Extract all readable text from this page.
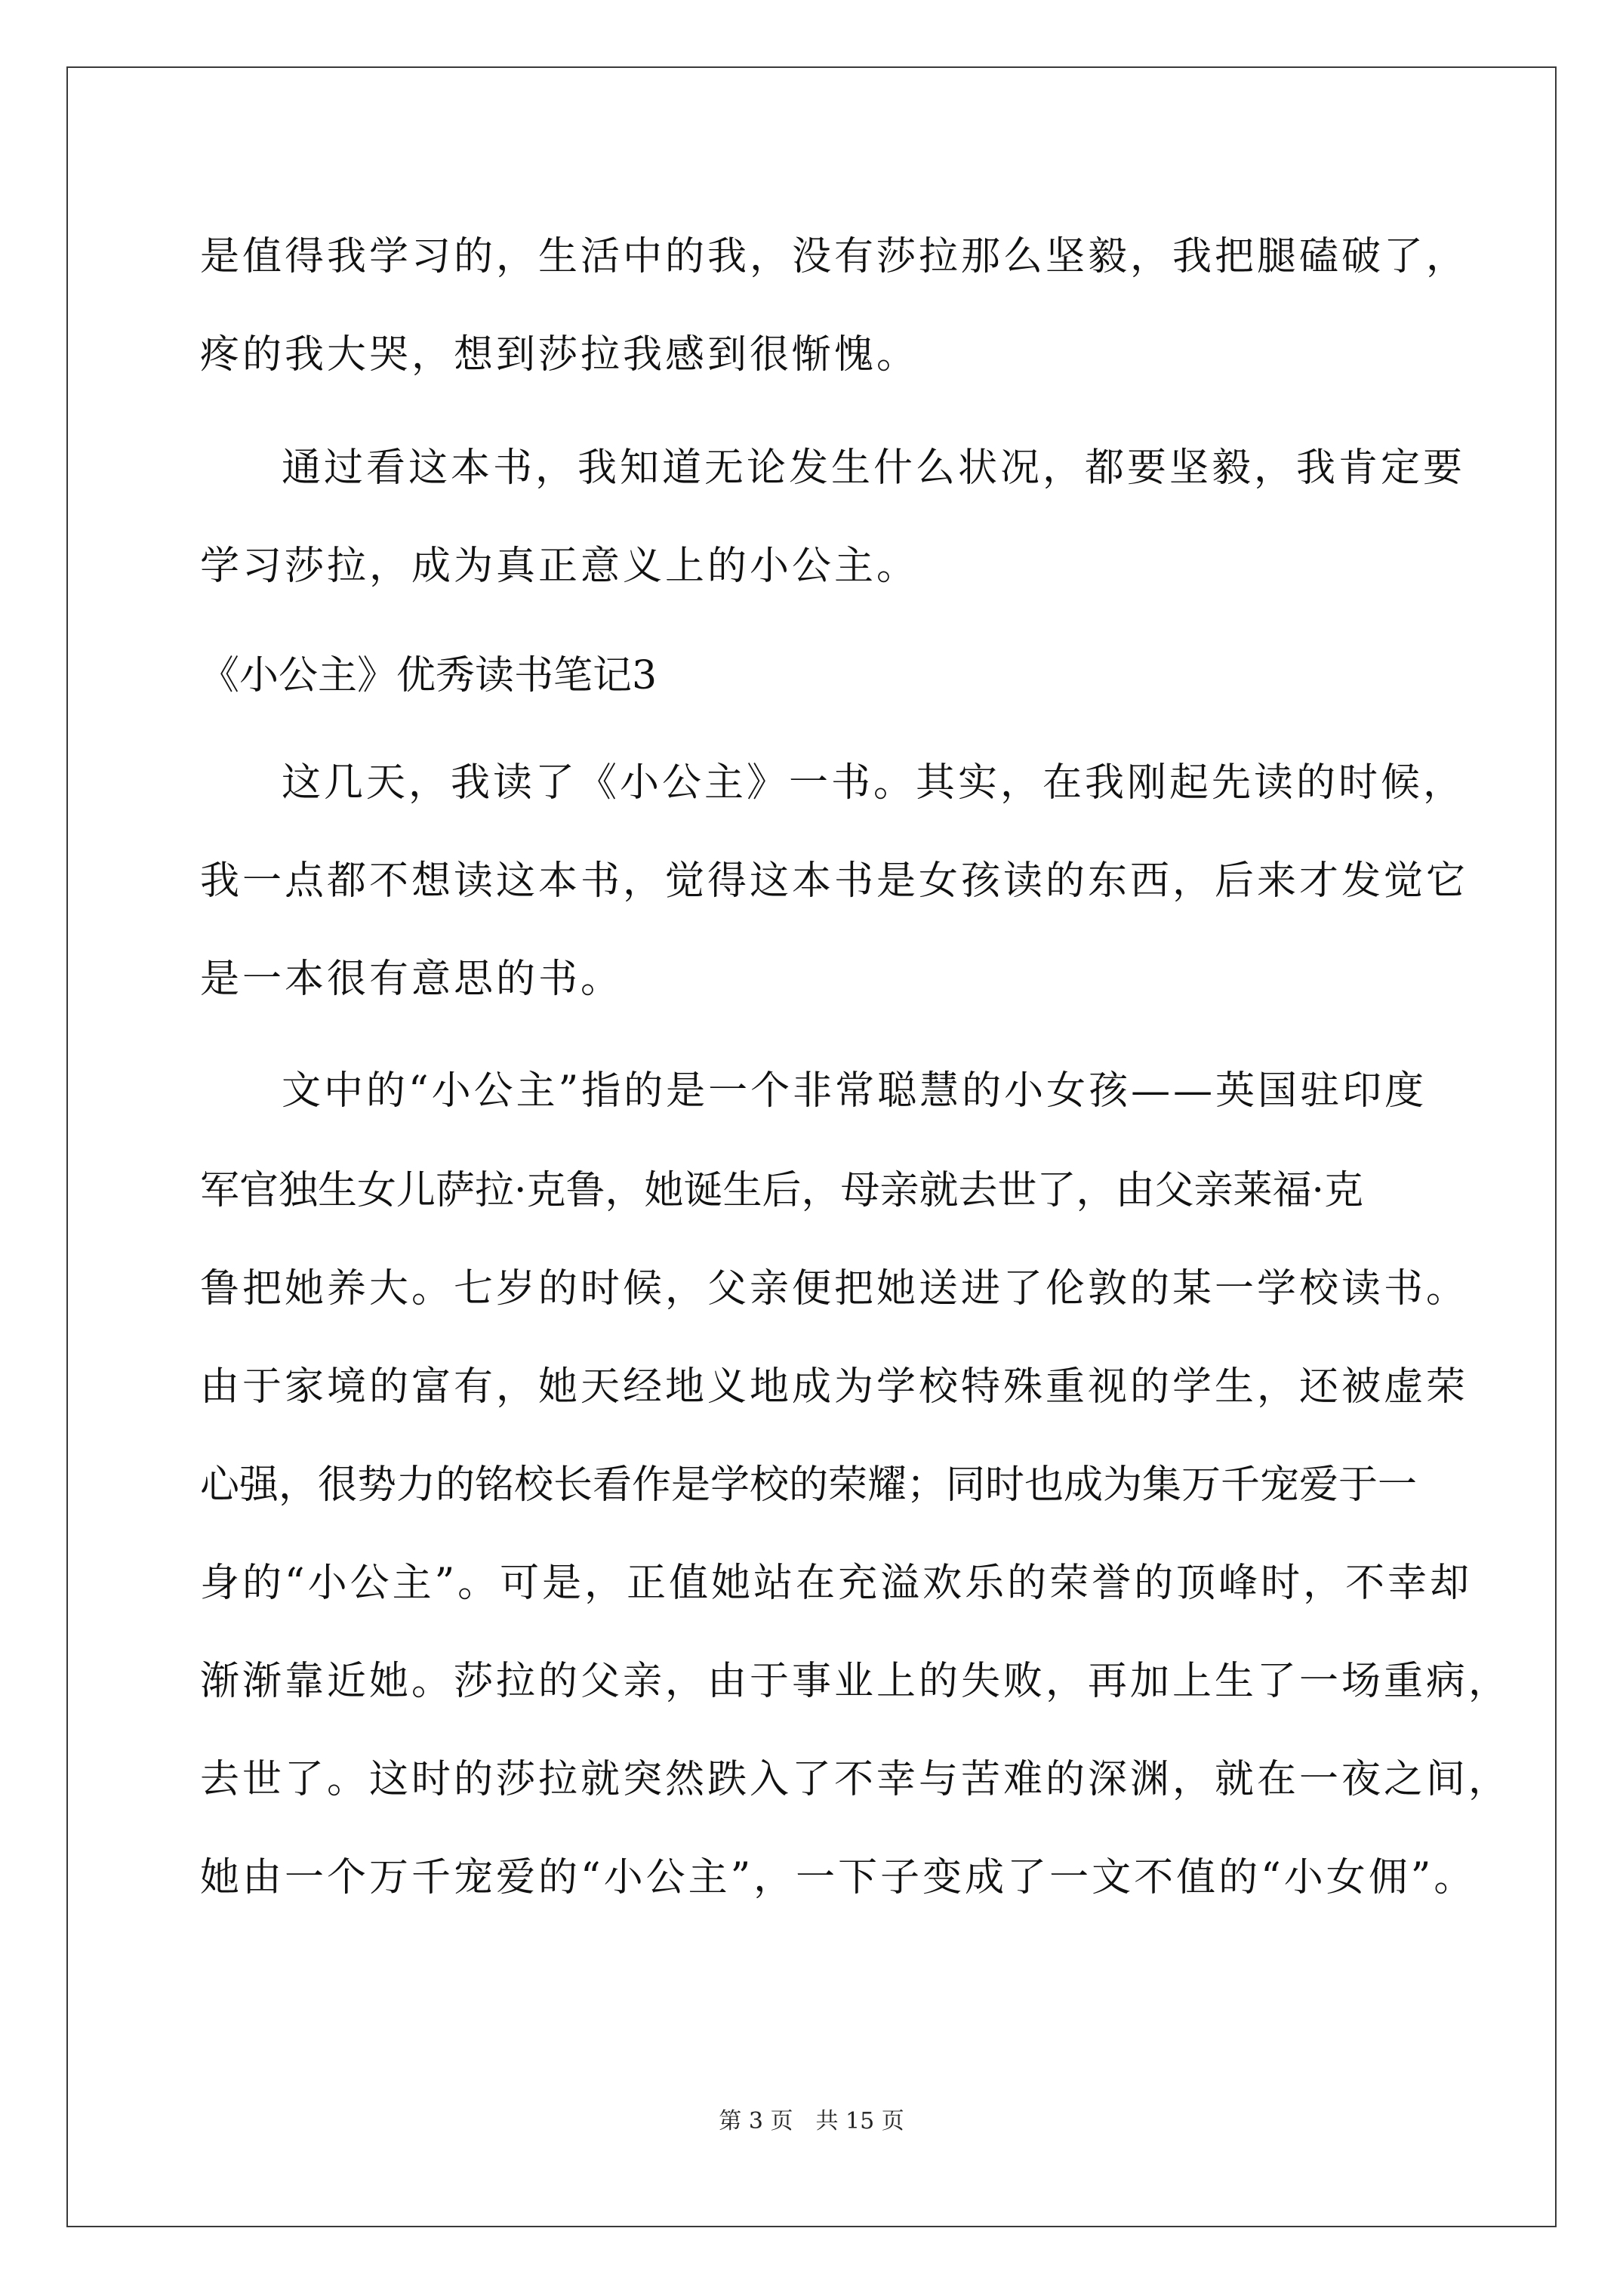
是值得我学习的，生活中的我，没有莎拉那么坚毅，我把腿磕破了，
疼的我大哭，想到莎拉我感到很惭愧。
通过看这本书，我知道无论发生什么状况，都要坚毅，我肯定要
学习莎拉，成为真正意义上的小公主。
《小公主》优秀读书笔记3
这几天，我读了《小公主》一书。其实，在我刚起先读的时候，
我一点都不想读这本书，觉得这本书是女孩读的东西，后来才发觉它
是一本很有意思的书。
文中的“小公主”指的是一个非常聪慧的小女孩——英国驻印度
军官独生女儿萨拉·克鲁，她诞生后，母亲就去世了，由父亲莱福·克
鲁把她养大。七岁的时候，父亲便把她送进了伦敦的某一学校读书。
由于家境的富有，她天经地义地成为学校特殊重视的学生，还被虚荣
心强，很势力的铭校长看作是学校的荣耀；同时也成为集万千宠爱于一
身的“小公主”。可是，正值她站在充溢欢乐的荣誉的顶峰时，不幸却
渐渐靠近她。莎拉的父亲，由于事业上的失败，再加上生了一场重病，
去世了。这时的莎拉就突然跌入了不幸与苦难的深渊，就在一夜之间，
她由一个万千宠爱的“小公主”，一下子变成了一文不值的“小女佣”。
第 3 页　共 15 页
